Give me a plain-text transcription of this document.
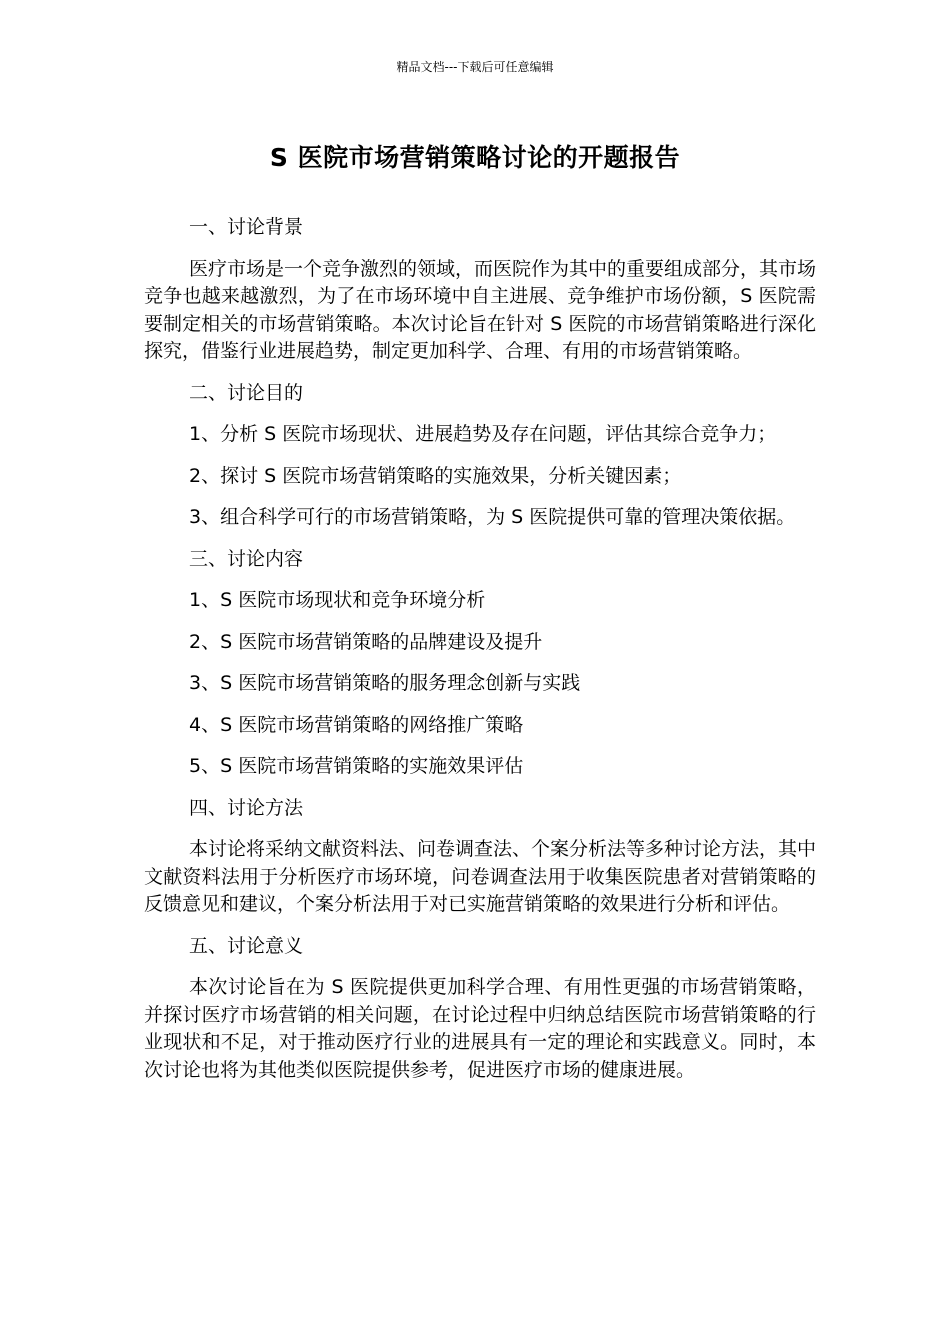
精品文档---下载后可任意编辑
S 医院市场营销策略讨论的开题报告

一、讨论背景

医疗市场是一个竞争激烈的领域，而医院作为其中的重要组成部分，其市场竞争也越来越激烈，为了在市场环境中自主进展、竞争维护市场份额，S 医院需要制定相关的市场营销策略。本次讨论旨在针对 S 医院的市场营销策略进行深化探究，借鉴行业进展趋势，制定更加科学、合理、有用的市场营销策略。

二、讨论目的

1、分析 S 医院市场现状、进展趋势及存在问题，评估其综合竞争力；

2、探讨 S 医院市场营销策略的实施效果，分析关键因素；

3、组合科学可行的市场营销策略，为 S 医院提供可靠的管理决策依据。

三、讨论内容

1、S 医院市场现状和竞争环境分析

2、S 医院市场营销策略的品牌建设及提升

3、S 医院市场营销策略的服务理念创新与实践

4、S 医院市场营销策略的网络推广策略

5、S 医院市场营销策略的实施效果评估

四、讨论方法

本讨论将采纳文献资料法、问卷调查法、个案分析法等多种讨论方法，其中文献资料法用于分析医疗市场环境，问卷调查法用于收集医院患者对营销策略的反馈意见和建议，个案分析法用于对已实施营销策略的效果进行分析和评估。

五、讨论意义

本次讨论旨在为 S 医院提供更加科学合理、有用性更强的市场营销策略，并探讨医疗市场营销的相关问题，在讨论过程中归纳总结医院市场营销策略的行业现状和不足，对于推动医疗行业的进展具有一定的理论和实践意义。同时，本次讨论也将为其他类似医院提供参考，促进医疗市场的健康进展。
